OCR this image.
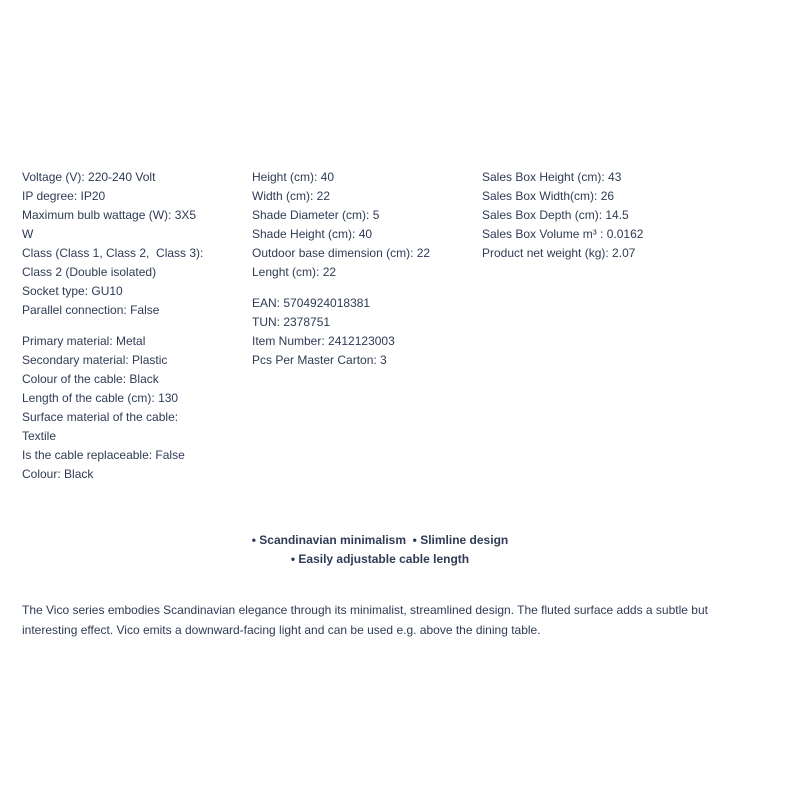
Voltage (V): 220-240 Volt
IP degree: IP20
Maximum bulb wattage (W): 3X5
W
Class (Class 1, Class 2,  Class 3):
Class 2 (Double isolated)
Socket type: GU10
Parallel connection: False
Primary material: Metal
Secondary material: Plastic
Colour of the cable: Black
Length of the cable (cm): 130
Surface material of the cable:
Textile
Is the cable replaceable: False
Colour: Black
Height (cm): 40
Width (cm): 22
Shade Diameter (cm): 5
Shade Height (cm): 40
Outdoor base dimension (cm): 22
Lenght (cm): 22
EAN: 5704924018381
TUN: 2378751
Item Number: 2412123003
Pcs Per Master Carton: 3
Sales Box Height (cm): 43
Sales Box Width(cm): 26
Sales Box Depth (cm): 14.5
Sales Box Volume m³ : 0.0162
Product net weight (kg): 2.07
• Scandinavian minimalism  • Slimline design
• Easily adjustable cable length
The Vico series embodies Scandinavian elegance through its minimalist, streamlined design. The fluted surface adds a subtle but interesting effect. Vico emits a downward-facing light and can be used e.g. above the dining table.
